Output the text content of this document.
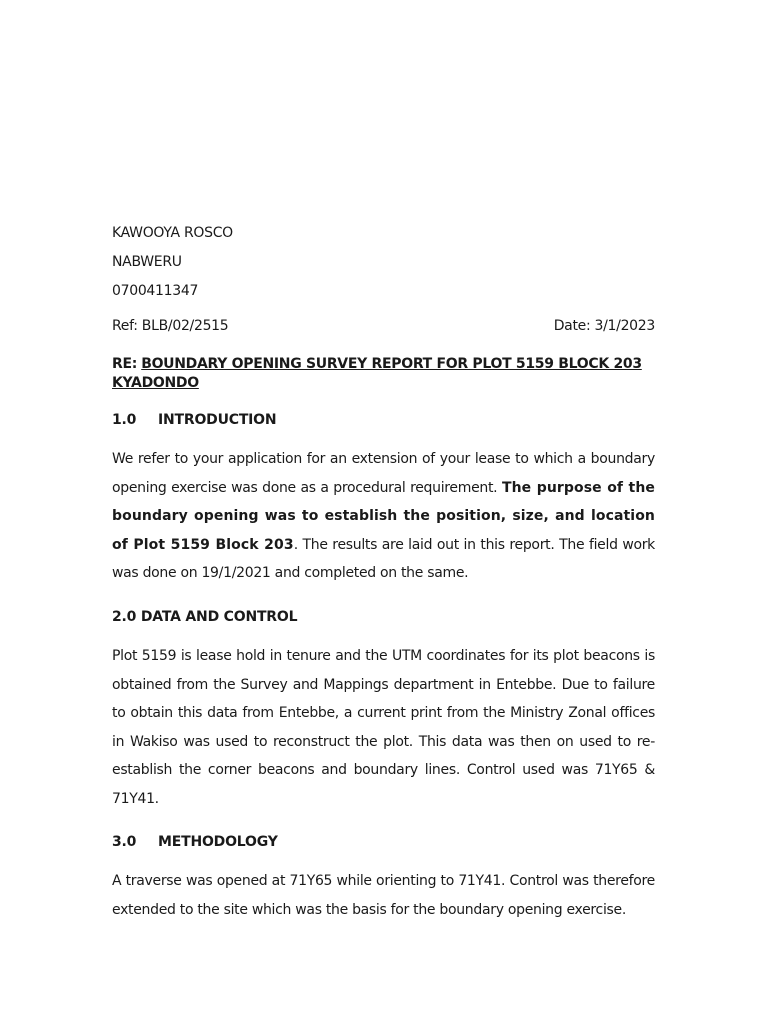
KAWOOYA ROSCO
NABWERU
0700411347
Ref: BLB/02/2515	Date: 3/1/2023
RE: BOUNDARY OPENING SURVEY REPORT FOR PLOT 5159 BLOCK 203 KYADONDO
1.0 INTRODUCTION
We refer to your application for an extension of your lease to which a boundary opening exercise was done as a procedural requirement. The purpose of the boundary opening was to establish the position, size, and location of Plot 5159 Block 203. The results are laid out in this report. The field work was done on 19/1/2021 and completed on the same.
2.0 DATA AND CONTROL
Plot 5159 is lease hold in tenure and the UTM coordinates for its plot beacons is obtained from the Survey and Mappings department in Entebbe. Due to failure to obtain this data from Entebbe, a current print from the Ministry Zonal offices in Wakiso was used to reconstruct the plot. This data was then on used to re-establish the corner beacons and boundary lines. Control used was 71Y65 & 71Y41.
3.0 METHODOLOGY
A traverse was opened at 71Y65 while orienting to 71Y41. Control was therefore extended to the site which was the basis for the boundary opening exercise.
